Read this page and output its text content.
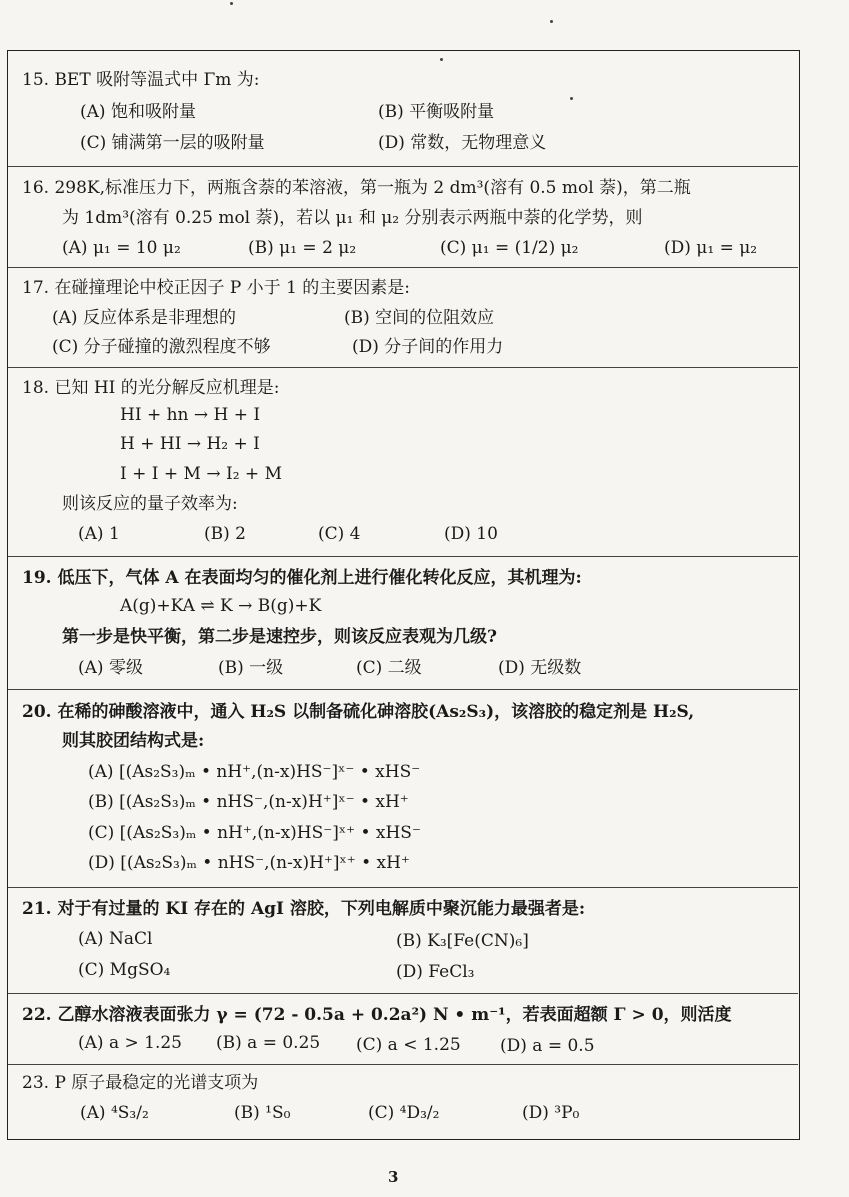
15. BET 吸附等温式中 Γm 为:
(A) 饱和吸附量	(B) 平衡吸附量
(C) 铺满第一层的吸附量	(D) 常数，无物理意义
16. 298K,标准压力下，两瓶含萘的苯溶液，第一瓶为 2 dm³(溶有 0.5 mol 萘)，第二瓶
为 1dm³(溶有 0.25 mol 萘)，若以 μ₁ 和 μ₂ 分别表示两瓶中萘的化学势，则
(A) μ₁ = 10 μ₂	(B) μ₁ = 2 μ₂	(C) μ₁ = (1/2) μ₂	(D) μ₁ = μ₂
17. 在碰撞理论中校正因子 P 小于 1 的主要因素是:
(A) 反应体系是非理想的	(B) 空间的位阻效应
(C) 分子碰撞的激烈程度不够	(D) 分子间的作用力
18. 已知 HI 的光分解反应机理是:
HI + hn → H + I
H + HI → H₂ + I
I + I + M → I₂ + M
则该反应的量子效率为:
(A) 1	(B) 2	(C) 4	(D) 10
19. 低压下，气体 A 在表面均匀的催化剂上进行催化转化反应，其机理为:
A(g)+KA ⇌ K → B(g)+K
第一步是快平衡，第二步是速控步，则该反应表观为几级?
(A) 零级	(B) 一级	(C) 二级	(D) 无级数
20. 在稀的砷酸溶液中，通入 H₂S 以制备硫化砷溶胶(As₂S₃)，该溶胶的稳定剂是 H₂S,
则其胶团结构式是:
(A) [(As₂S₃)ₘ • nH⁺,(n-x)HS⁻]ˣ⁻ • xHS⁻
(B) [(As₂S₃)ₘ • nHS⁻,(n-x)H⁺]ˣ⁻ • xH⁺
(C) [(As₂S₃)ₘ • nH⁺,(n-x)HS⁻]ˣ⁺ • xHS⁻
(D) [(As₂S₃)ₘ • nHS⁻,(n-x)H⁺]ˣ⁺ • xH⁺
21. 对于有过量的 KI 存在的 AgI 溶胶，下列电解质中聚沉能力最强者是:
(A) NaCl	(B) K₃[Fe(CN)₆]
(C) MgSO₄	(D) FeCl₃
22. 乙醇水溶液表面张力 γ = (72 - 0.5a + 0.2a²) N • m⁻¹，若表面超额 Γ > 0，则活度
(A) a > 1.25 (B) a = 0.25 (C) a < 1.25 (D) a = 0.5
23. P 原子最稳定的光谱支项为
(A) ⁴S₃/₂	(B) ¹S₀	(C) ⁴D₃/₂	(D) ³P₀
3
